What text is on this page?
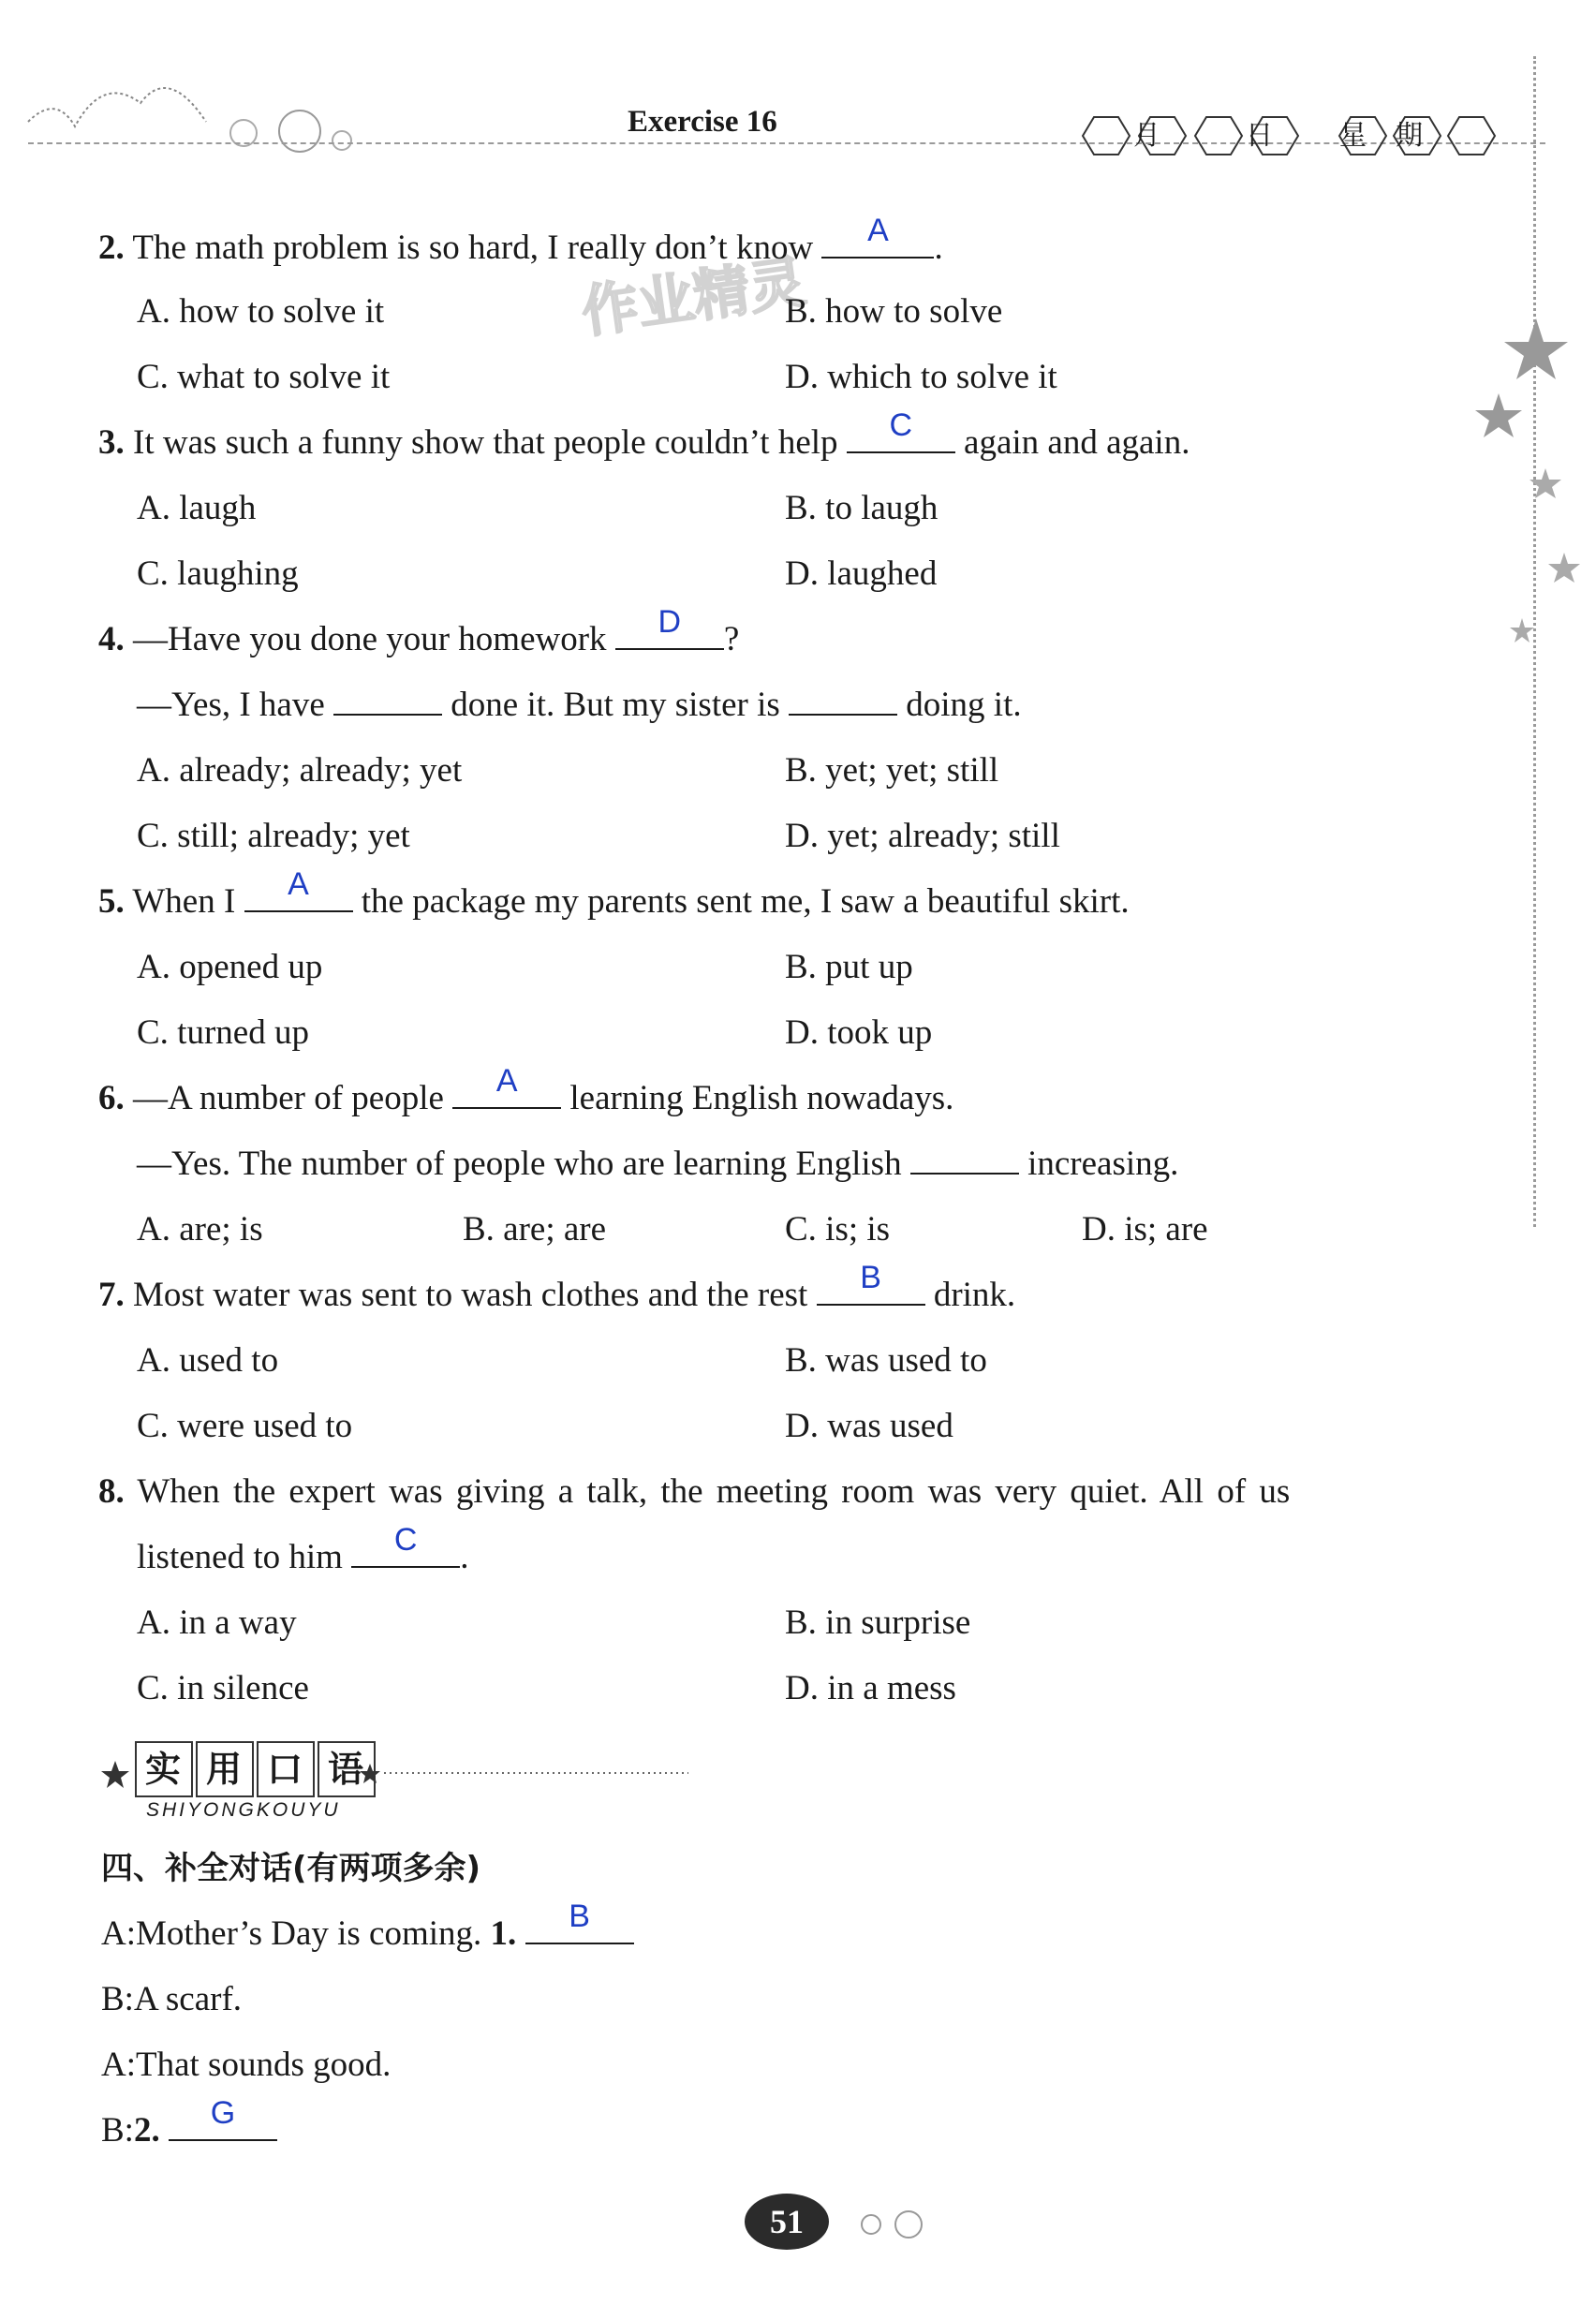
Exercise 16	月	日 星 期
作业精灵
2. The math problem is so hard, I really don’t know	A	.
A. how to solve it	B. how to solve
C. what to solve it	D. which to solve it
3. It was such a funny show that people couldn’t help	C	again and again.
A. laugh	B. to laugh
C. laughing	D. laughed
4. —Have you done your homework	D	?
—Yes, I have	done it. But my sister is	doing it.
A. already; already; yet	B. yet; yet; still
C. still; already; yet	D. yet; already; still
5. When I	A	the package my parents sent me, I saw a beautiful skirt.
A. opened up	B. put up
C. turned up	D. took up
6. —A number of people	A	learning English nowadays.
—Yes. The number of people who are learning English	increasing.
A. are; is	B. are; are	C. is; is	D. is; are
7. Most water was sent to wash clothes and the rest	B	drink.
A. used to	B. was used to
C. were used to	D. was used
8. When the expert was giving a talk, the meeting room was very quiet. All of us
listened to him	C	.
A. in a way	B. in surprise
C. in silence	D. in a mess
实用口语
SHIYONGKOUYU
四、补全对话(有两项多余)
A:Mother’s Day is coming. 1.	B
B:A scarf.
A:That sounds good.
B:2.	G
51
